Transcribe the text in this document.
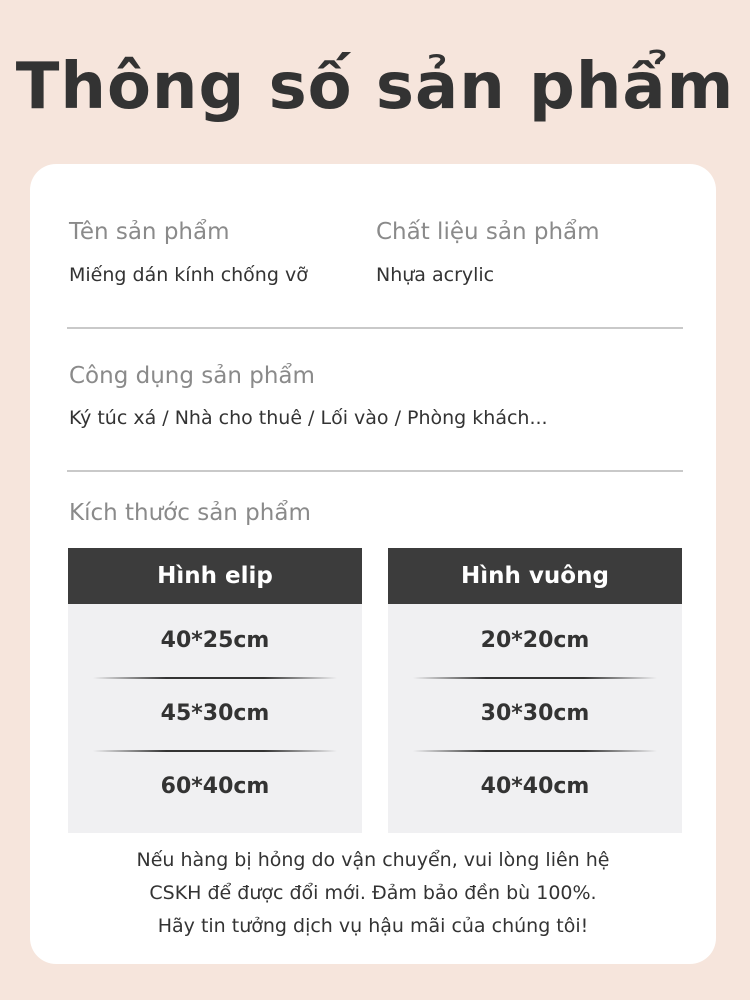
Thông số sản phẩm
Tên sản phẩm
Miếng dán kính chống vỡ
Chất liệu sản phẩm
Nhựa acrylic
Công dụng sản phẩm
Ký túc xá / Nhà cho thuê / Lối vào / Phòng khách...
Kích thước sản phẩm
Hình elip
40*25cm
45*30cm
60*40cm
Hình vuông
20*20cm
30*30cm
40*40cm
Nếu hàng bị hỏng do vận chuyển, vui lòng liên hệ
CSKH để được đổi mới. Đảm bảo đền bù 100%.
Hãy tin tưởng dịch vụ hậu mãi của chúng tôi!
